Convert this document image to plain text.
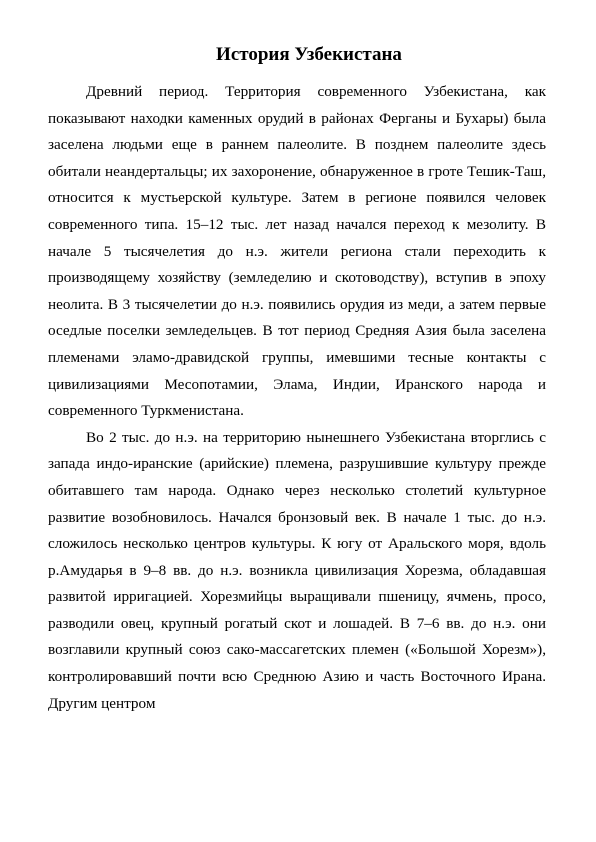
История Узбекистана

Древний период. Территория современного Узбекистана, как показывают находки каменных орудий в районах Ферганы и Бухары) была заселена людьми еще в раннем палеолите. В позднем палеолите здесь обитали неандертальцы; их захоронение, обнаруженное в гроте Тешик-Таш, относится к мустьерской культуре. Затем в регионе появился человек современного типа. 15–12 тыс. лет назад начался переход к мезолиту. В начале 5 тысячелетия до н.э. жители региона стали переходить к производящему хозяйству (земледелию и скотоводству), вступив в эпоху неолита. В 3 тысячелетии до н.э. появились орудия из меди, а затем первые оседлые поселки земледельцев. В тот период Средняя Азия была заселена племенами эламо-дравидской группы, имевшими тесные контакты с цивилизациями Месопотамии, Элама, Индии, Иранского народа и современного Туркменистана.

Во 2 тыс. до н.э. на территорию нынешнего Узбекистана вторглись с запада индо-иранские (арийские) племена, разрушившие культуру прежде обитавшего там народа. Однако через несколько столетий культурное развитие возобновилось. Начался бронзовый век. В начале 1 тыс. до н.э. сложилось несколько центров культуры. К югу от Аральского моря, вдоль р.Амударья в 9–8 вв. до н.э. возникла цивилизация Хорезма, обладавшая развитой ирригацией. Хорезмийцы выращивали пшеницу, ячмень, просо, разводили овец, крупный рогатый скот и лошадей. В 7–6 вв. до н.э. они возглавили крупный союз сако-массагетских племен («Большой Хорезм»), контролировавший почти всю Среднюю Азию и часть Восточного Ирана. Другим центром
